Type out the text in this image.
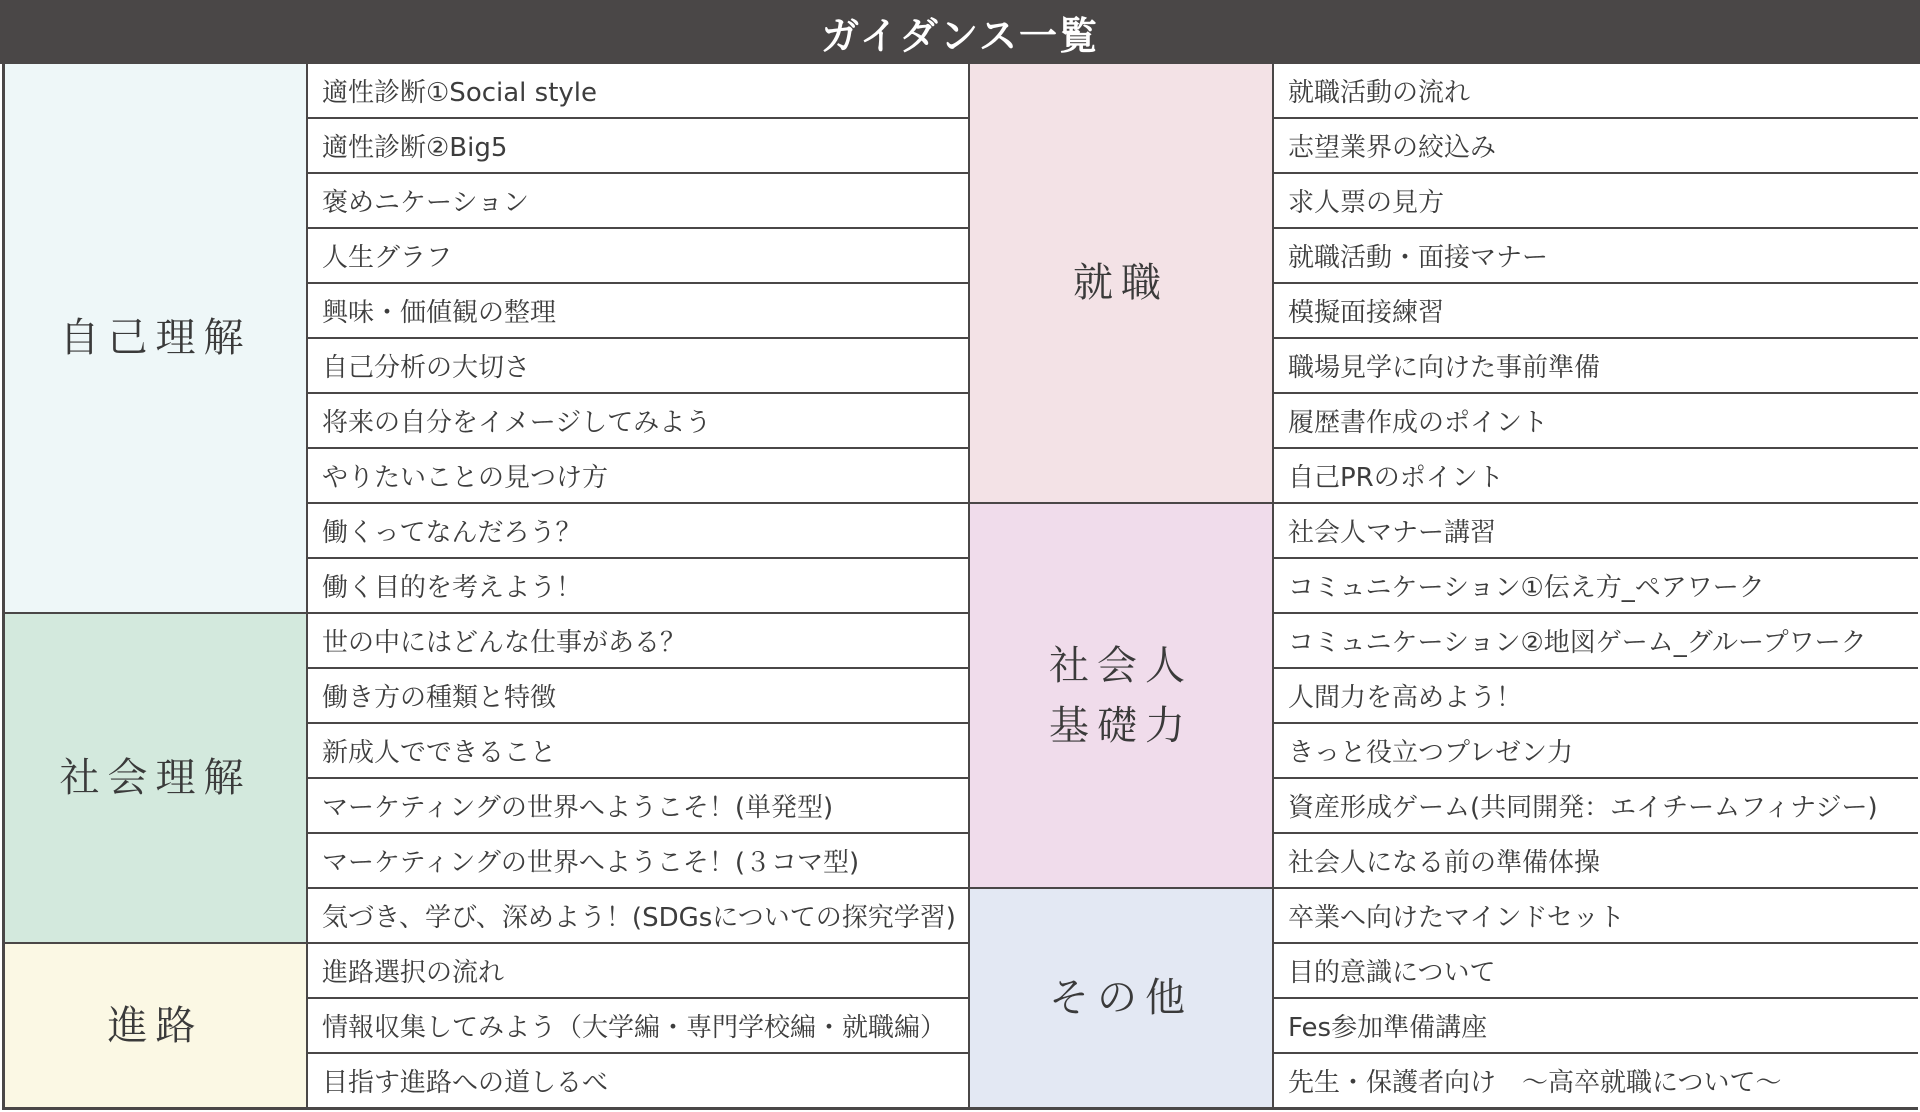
ガイダンス一覧
自己理解
社会理解
進路
就職
社会人
基礎力
その他
適性診断①Social style
適性診断②Big5
褒めニケーション
人生グラフ
興味・価値観の整理
自己分析の大切さ
将来の自分をイメージしてみよう
やりたいことの見つけ方
働くってなんだろう？
働く目的を考えよう！
世の中にはどんな仕事がある？
働き方の種類と特徴
新成人でできること
マーケティングの世界へようこそ！(単発型)
マーケティングの世界へようこそ！(３コマ型)
気づき、学び、深めよう！(SDGsについての探究学習)
進路選択の流れ
情報収集してみよう（大学編・専門学校編・就職編）
目指す進路への道しるべ
就職活動の流れ
志望業界の絞込み
求人票の見方
就職活動・面接マナー
模擬面接練習
職場見学に向けた事前準備
履歴書作成のポイント
自己PRのポイント
社会人マナー講習
コミュニケーション①伝え方_ペアワーク
コミュニケーション②地図ゲーム_グループワーク
人間力を高めよう！
きっと役立つプレゼン力
資産形成ゲーム(共同開発：エイチームフィナジー)
社会人になる前の準備体操
卒業へ向けたマインドセット
目的意識について
Fes参加準備講座
先生・保護者向け　～高卒就職について～
